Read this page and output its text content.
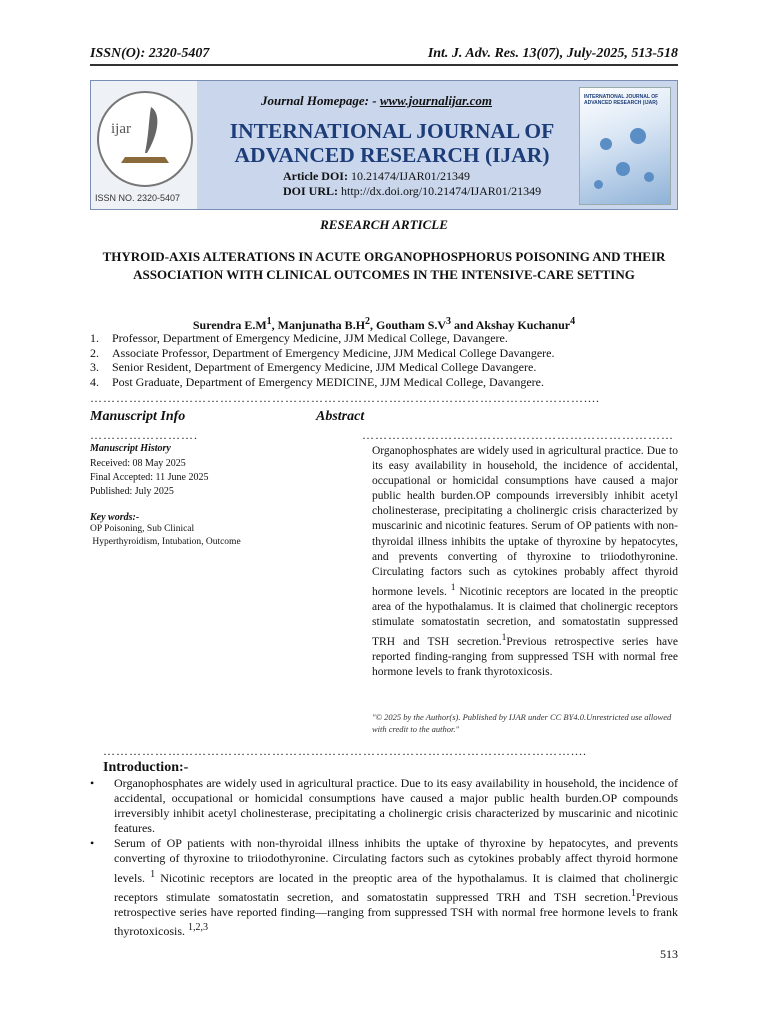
ISSN(O): 2320-5407	Int. J. Adv. Res. 13(07), July-2025, 513-518
ijar
ISSN NO. 2320-5407
Journal Homepage: - www.journalijar.com
INTERNATIONAL JOURNAL OF ADVANCED RESEARCH (IJAR)
Article DOI: 10.21474/IJAR01/21349
DOI URL: http://dx.doi.org/10.21474/IJAR01/21349
INTERNATIONAL JOURNAL OF ADVANCED RESEARCH (IJAR)
RESEARCH ARTICLE
THYROID-AXIS ALTERATIONS IN ACUTE ORGANOPHOSPHORUS POISONING AND THEIR ASSOCIATION WITH CLINICAL OUTCOMES IN THE INTENSIVE-CARE SETTING
Surendra $E.M^1$, Manjunatha $B.H^2$, Goutham $S.V^3$ and Akshay Kuchanur$^4$
1. Professor, Department of Emergency Medicine, JJM Medical College, Davangere.
2. Associate Professor, Department of Emergency Medicine, JJM Medical College Davangere.
3. Senior Resident, Department of Emergency Medicine, JJM Medical College Davangere.
4. Post Graduate, Department of Emergency MEDICINE, JJM Medical College, Davangere.
……………………………………………………………………………………………………....
Manuscript Info	Abstract
…………………….	………………………………………………………………
Manuscript History
Received: 08 May 2025
Final Accepted: 11 June 2025
Published: July 2025
Key words:-
OP Poisoning, Sub Clinical
Hyperthyroidism, Intubation, Outcome
Organophosphates are widely used in agricultural practice. Due to its easy availability in household, the incidence of accidental, occupational or homicidal consumptions have caused a major public health burden.OP compounds irreversibly inhibit acetyl cholinesterase, precipitating a cholinergic crisis characterized by muscarinic and nicotinic features. Serum of OP patients with non-thyroidal illness inhibits the uptake of thyroxine by hepatocytes, and prevents converting of thyroxine to triiodothyronine. Circulating factors such as cytokines probably affect thyroid hormone levels. $^1$ Nicotinic receptors are located in the preoptic area of the hypothalamus. It is claimed that cholinergic receptors stimulate somatostatin secretion, and somatostatin suppressed TRH and TSH secretion.$^1$Previous retrospective series have reported finding-ranging from suppressed TSH with normal free hormone levels to frank thyrotoxicosis.
"© 2025 by the Author(s). Published by IJAR under CC BY4.0.Unrestricted use allowed with credit to the author."
………………………………………………………………………………………………....
Introduction:-
• Organophosphates are widely used in agricultural practice. Due to its easy availability in household, the incidence of accidental, occupational or homicidal consumptions have caused a major public health burden.OP compounds irreversibly inhibit acetyl cholinesterase, precipitating a cholinergic crisis characterized by muscarinic and nicotinic features.
• Serum of OP patients with non-thyroidal illness inhibits the uptake of thyroxine by hepatocytes, and prevents converting of thyroxine to triiodothyronine. Circulating factors such as cytokines probably affect thyroid hormone levels. $^1$ Nicotinic receptors are located in the preoptic area of the hypothalamus. It is claimed that cholinergic receptors stimulate somatostatin secretion, and somatostatin suppressed TRH and TSH secretion.$^1$Previous retrospective series have reported finding—ranging from suppressed TSH with normal free hormone levels to frank thyrotoxicosis. $^{1,2,3}$
513
